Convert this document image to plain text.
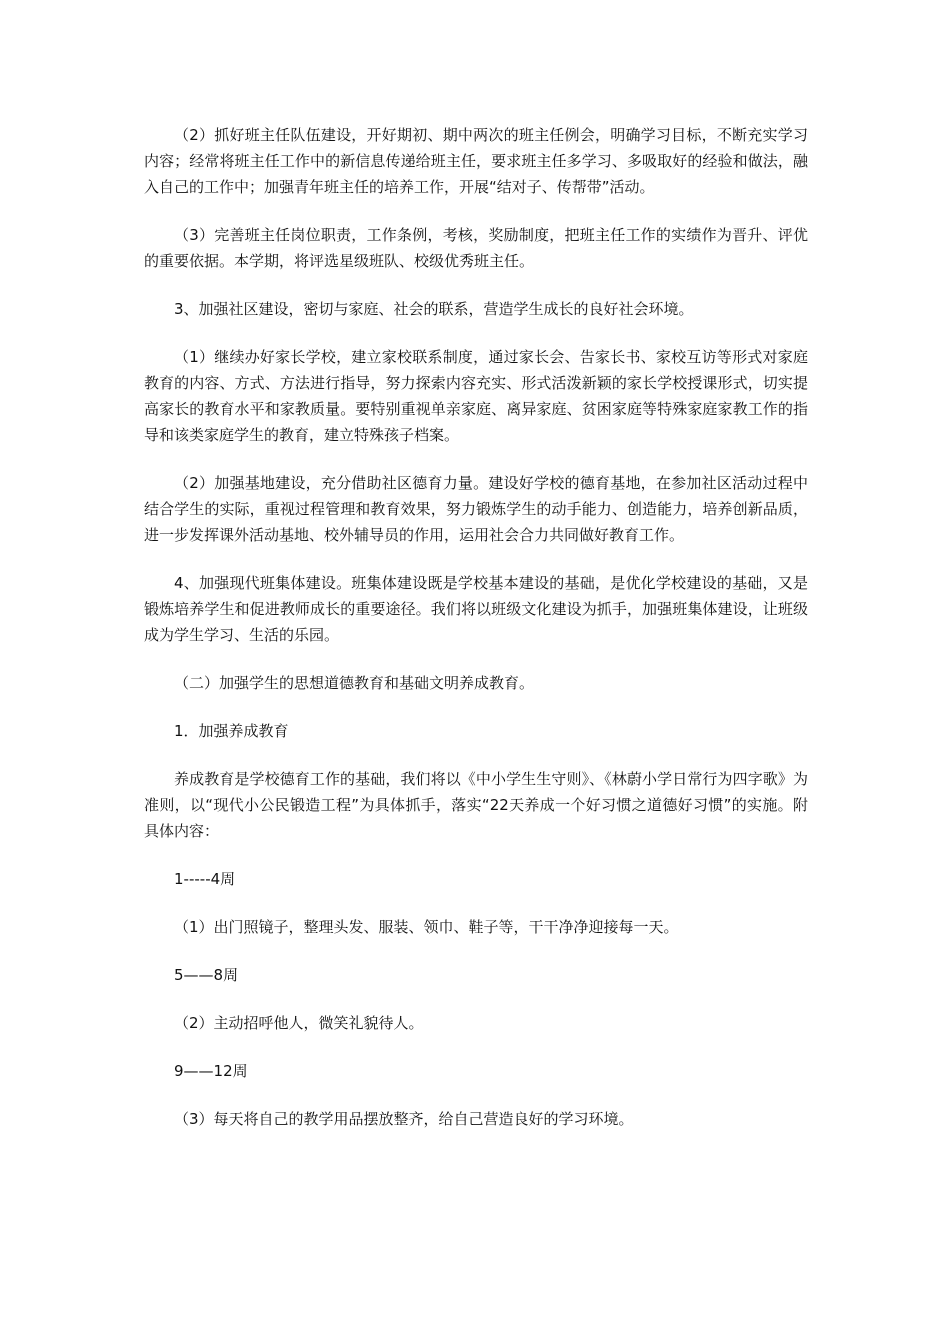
（2）抓好班主任队伍建设，开好期初、期中两次的班主任例会，明确学习目标，不断充实学习内容；经常将班主任工作中的新信息传递给班主任，要求班主任多学习、多吸取好的经验和做法，融入自己的工作中；加强青年班主任的培养工作，开展“结对子、传帮带”活动。

（3）完善班主任岗位职责，工作条例，考核，奖励制度，把班主任工作的实绩作为晋升、评优的重要依据。本学期，将评选星级班队、校级优秀班主任。

3、加强社区建设，密切与家庭、社会的联系，营造学生成长的良好社会环境。

（1）继续办好家长学校，建立家校联系制度，通过家长会、告家长书、家校互访等形式对家庭教育的内容、方式、方法进行指导，努力探索内容充实、形式活泼新颖的家长学校授课形式，切实提高家长的教育水平和家教质量。要特别重视单亲家庭、离异家庭、贫困家庭等特殊家庭家教工作的指导和该类家庭学生的教育，建立特殊孩子档案。

（2）加强基地建设，充分借助社区德育力量。建设好学校的德育基地，在参加社区活动过程中结合学生的实际，重视过程管理和教育效果，努力锻炼学生的动手能力、创造能力，培养创新品质，进一步发挥课外活动基地、校外辅导员的作用，运用社会合力共同做好教育工作。

4、加强现代班集体建设。班集体建设既是学校基本建设的基础，是优化学校建设的基础，又是锻炼培养学生和促进教师成长的重要途径。我们将以班级文化建设为抓手，加强班集体建设，让班级成为学生学习、生活的乐园。

（二）加强学生的思想道德教育和基础文明养成教育。

1．加强养成教育

养成教育是学校德育工作的基础，我们将以《中小学生生守则》、《林蔚小学日常行为四字歌》为准则，以“现代小公民锻造工程”为具体抓手，落实“22天养成一个好习惯之道德好习惯”的实施。附具体内容：

1-----4周

（1）出门照镜子，整理头发、服装、领巾、鞋子等，干干净净迎接每一天。

5——8周

（2）主动招呼他人，微笑礼貌待人。

9——12周

（3）每天将自己的教学用品摆放整齐，给自己营造良好的学习环境。
